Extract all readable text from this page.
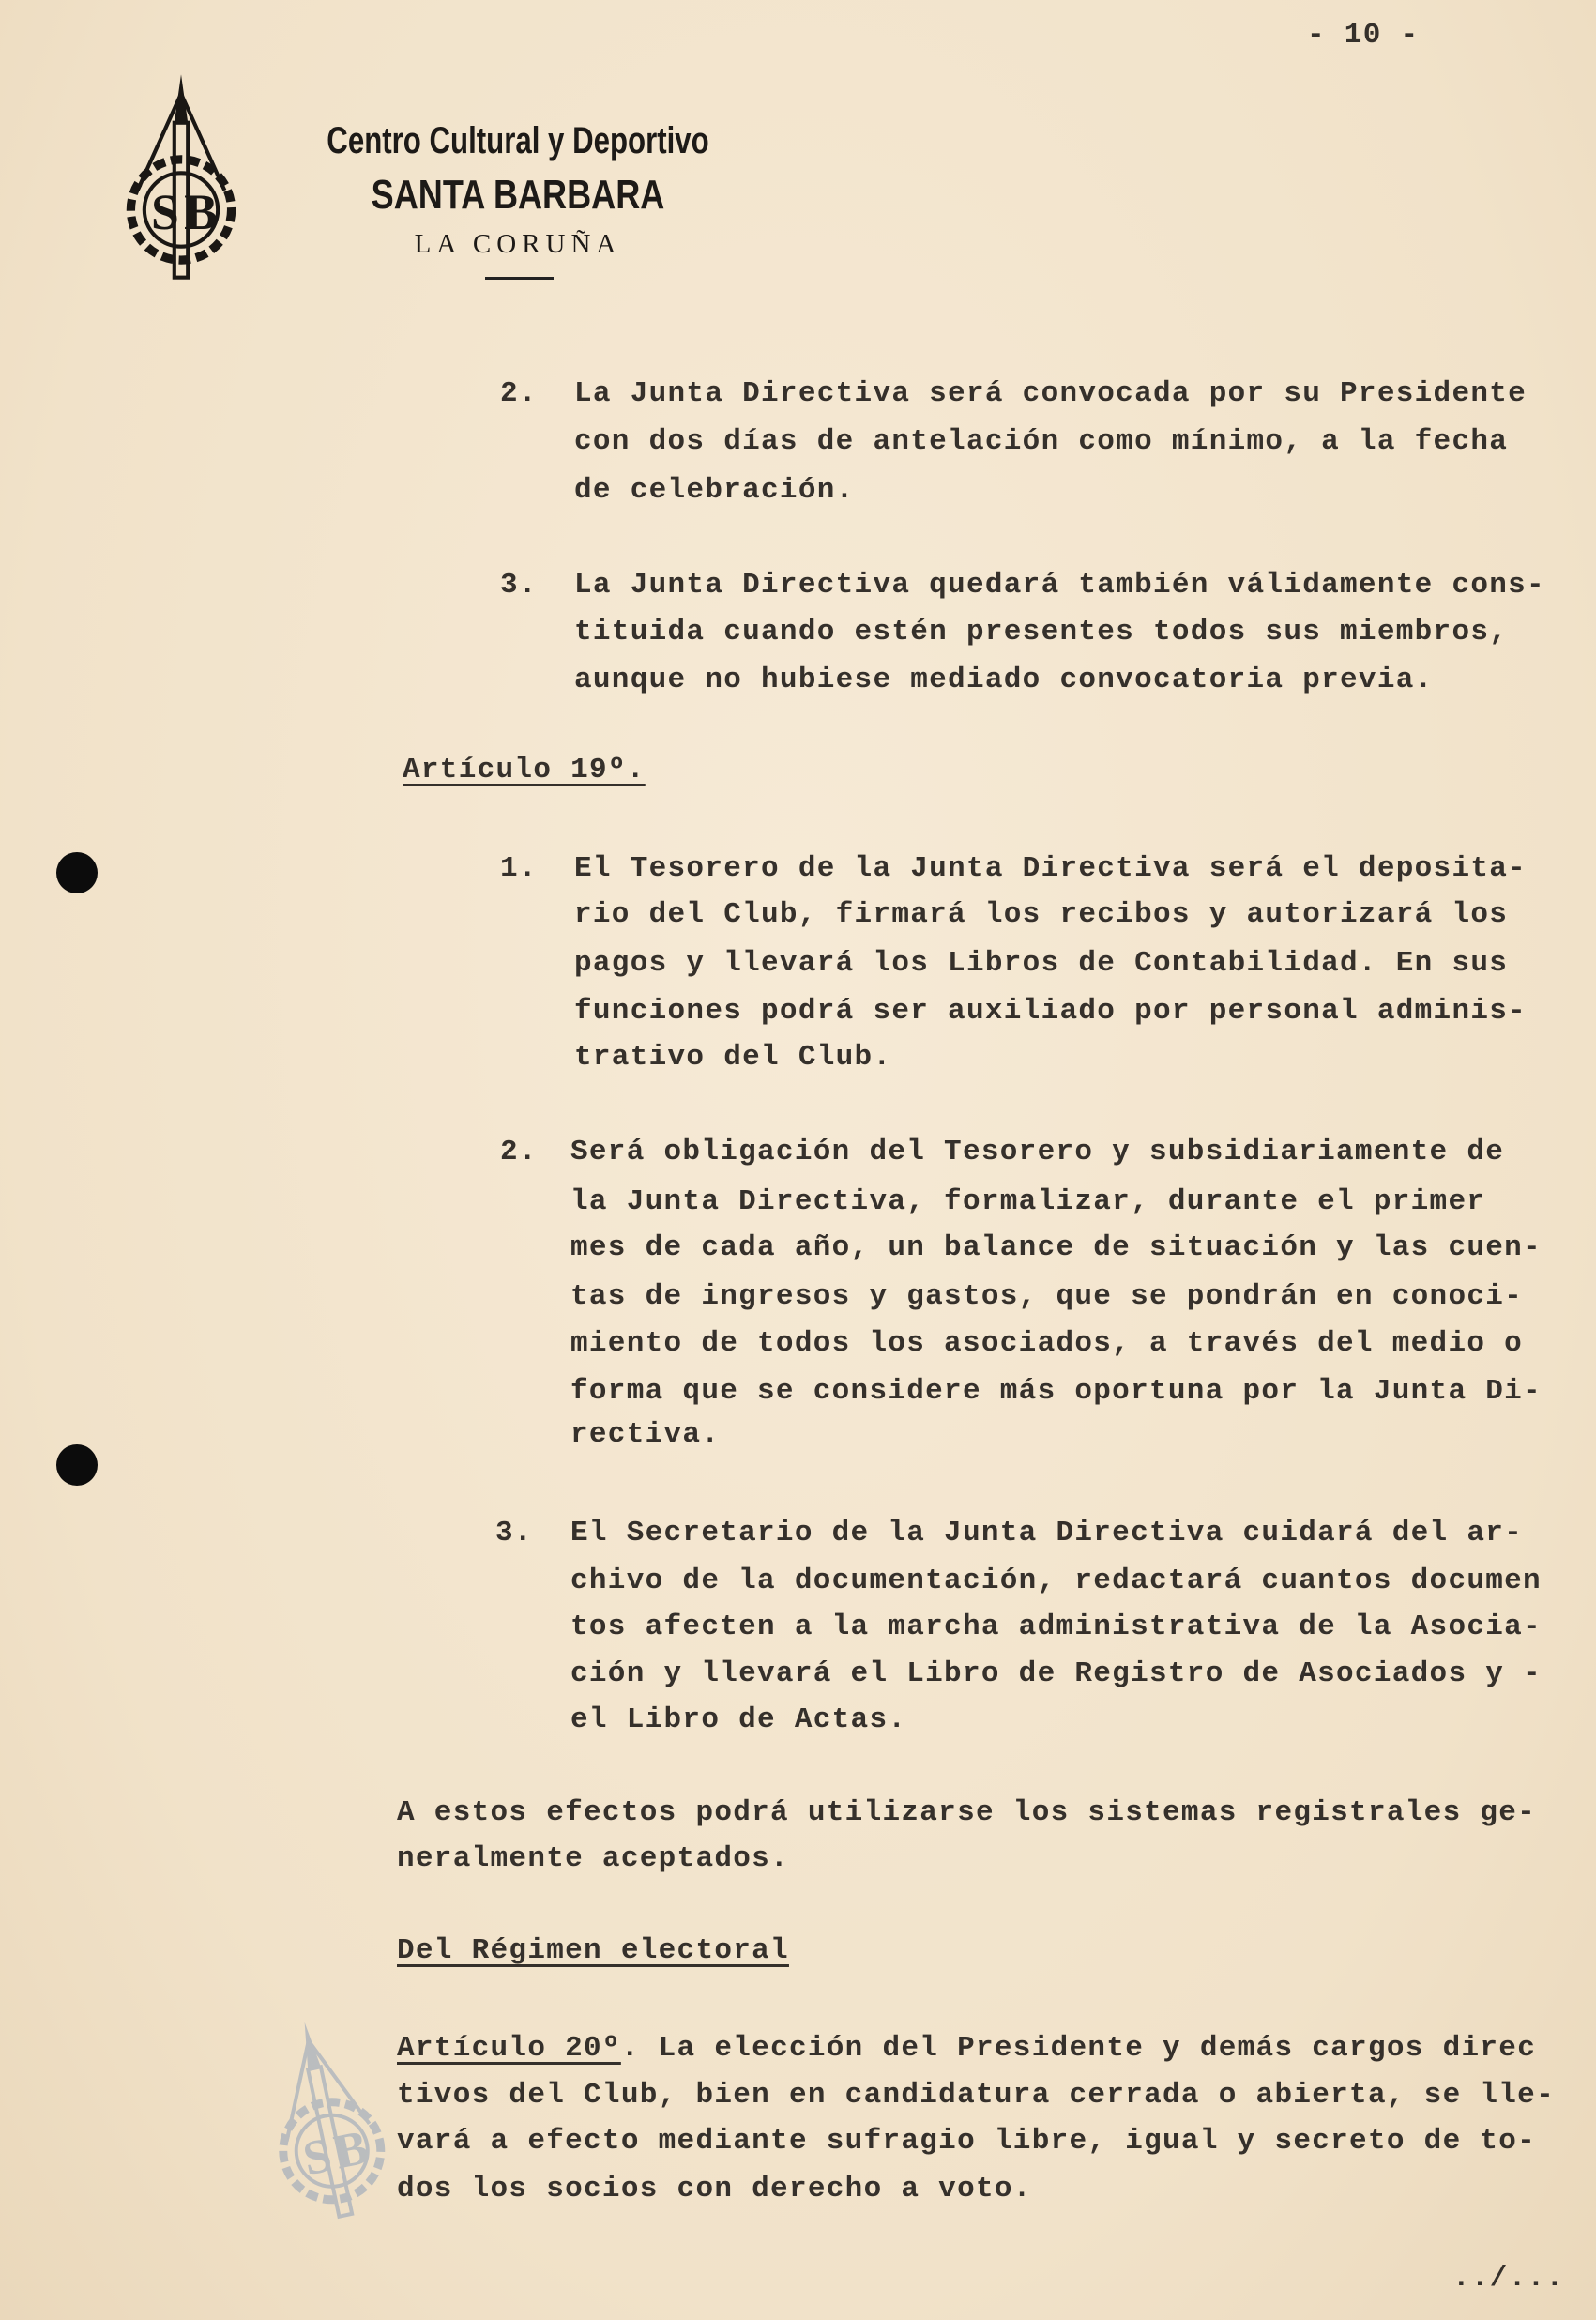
- 10 -
Centro Cultural y Deportivo
SANTA BARBARA
LA CORUÑA
2. La Junta Directiva será convocada por su Presidente
con dos días de antelación como mínimo, a la fecha
de celebración.
3. La Junta Directiva quedará también válidamente cons-
tituida cuando estén presentes todos sus miembros,
aunque no hubiese mediado convocatoria previa.
Artículo 19º.
1. El Tesorero de la Junta Directiva será el deposita-
rio del Club, firmará los recibos y autorizará los
pagos y llevará los Libros de Contabilidad. En sus
funciones podrá ser auxiliado por personal adminis-
trativo del Club.
2. Será obligación del Tesorero y subsidiariamente de
la Junta Directiva, formalizar, durante el primer
mes de cada año, un balance de situación y las cuen-
tas de ingresos y gastos, que se pondrán en conoci-
miento de todos los asociados, a través del medio o
forma que se considere más oportuna por la Junta Di-
rectiva.
3. El Secretario de la Junta Directiva cuidará del ar-
chivo de la documentación, redactará cuantos documen
tos afecten a la marcha administrativa de la Asocia-
ción y llevará el Libro de Registro de Asociados y -
el Libro de Actas.
A estos efectos podrá utilizarse los sistemas registrales ge-
neralmente aceptados.
Del Régimen electoral
Artículo 20º. La elección del Presidente y demás cargos direc
tivos del Club, bien en candidatura cerrada o abierta, se lle-
vará a efecto mediante sufragio libre, igual y secreto de to-
dos los socios con derecho a voto.
../...
